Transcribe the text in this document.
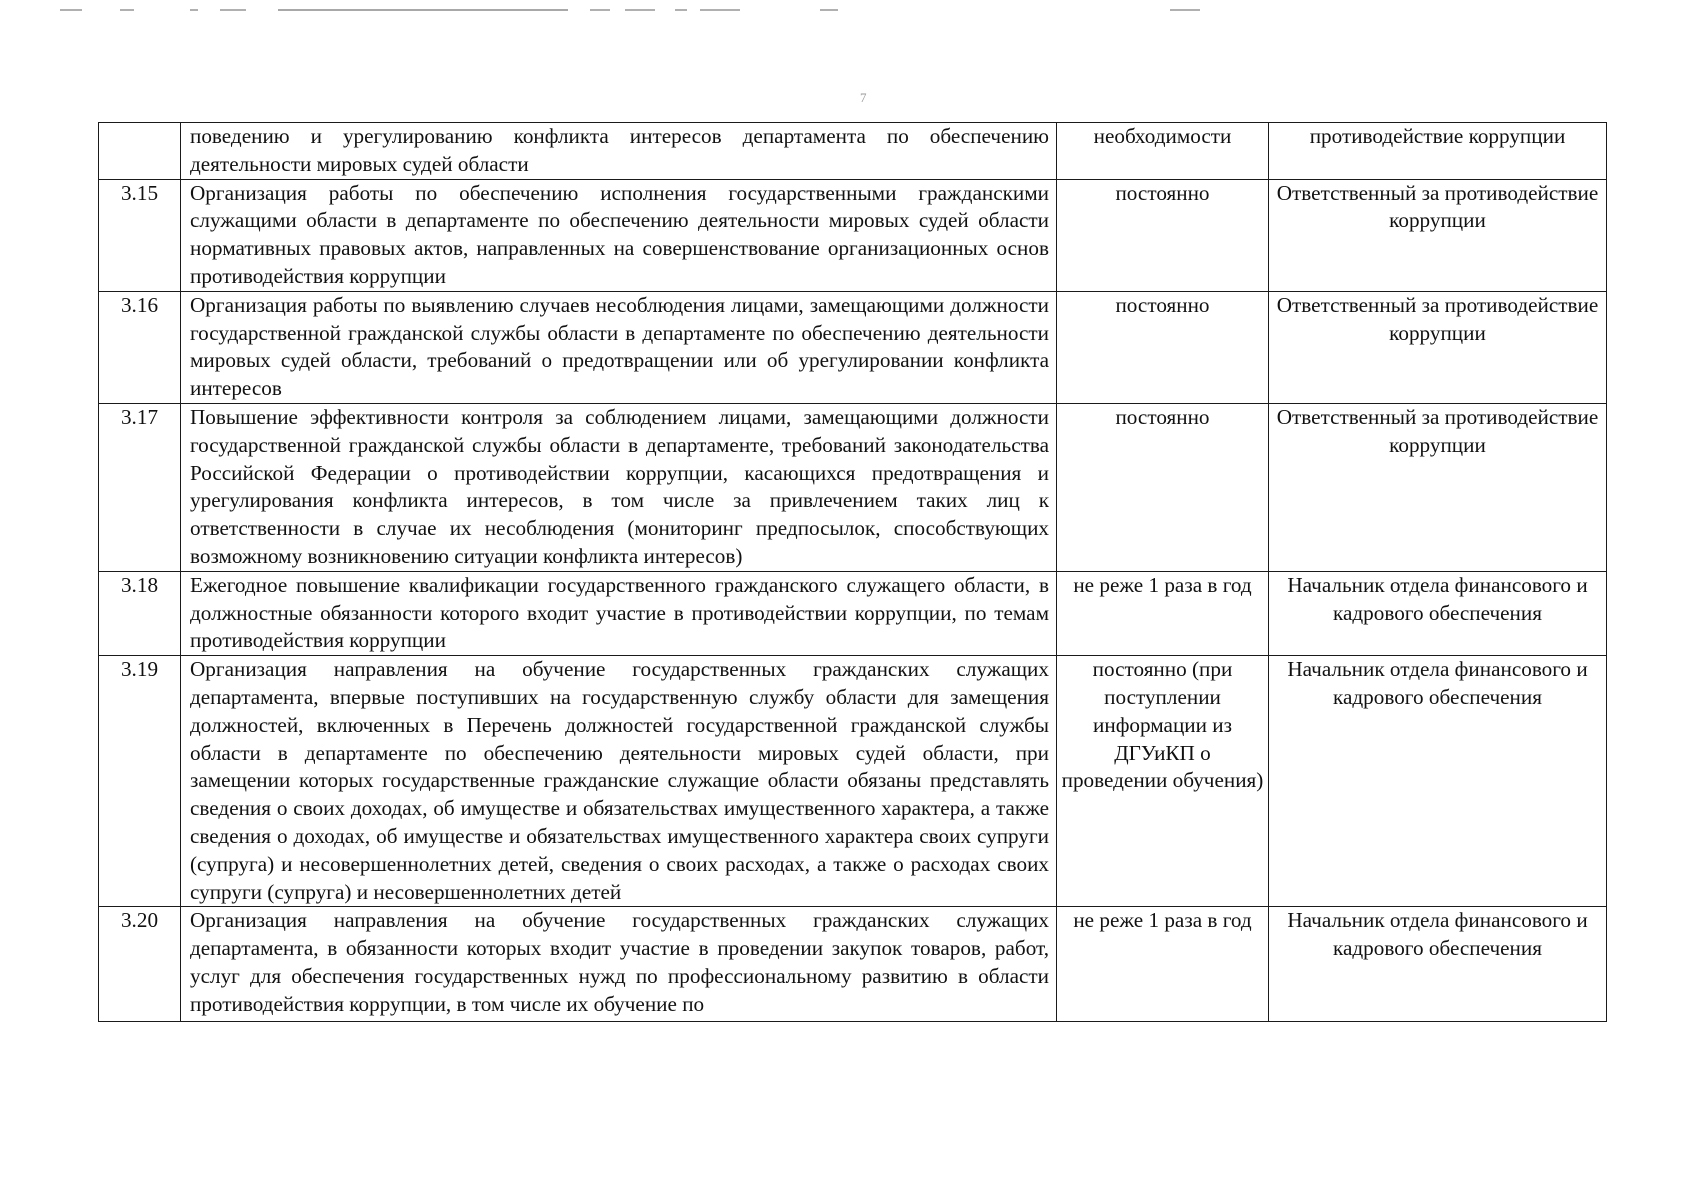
7
	поведению и урегулированию конфликта интересов департамента по обеспечению деятельности мировых судей области	необходимости	противодействие коррупции
3.15	Организация работы по обеспечению исполнения государственными гражданскими служащими области в департаменте по обеспечению деятельности мировых судей области нормативных правовых актов, направленных на совершенствование организационных основ противодействия коррупции	постоянно	Ответственный за противодействие коррупции
3.16	Организация работы по выявлению случаев несоблюдения лицами, замещающими должности государственной гражданской службы области в департаменте по обеспечению деятельности мировых судей области, требований о предотвращении или об урегулировании конфликта интересов	постоянно	Ответственный за противодействие коррупции
3.17	Повышение эффективности контроля за соблюдением лицами, замещающими должности государственной гражданской службы области в департаменте, требований законодательства Российской Федерации о противодействии коррупции, касающихся предотвращения и урегулирования конфликта интересов, в том числе за привлечением таких лиц к ответственности в случае их несоблюдения (мониторинг предпосылок, способствующих возможному возникновению ситуации конфликта интересов)	постоянно	Ответственный за противодействие коррупции
3.18	Ежегодное повышение квалификации государственного гражданского служащего области, в должностные обязанности которого входит участие в противодействии коррупции, по темам противодействия коррупции	не реже 1 раза в год	Начальник отдела финансового и кадрового обеспечения
3.19	Организация направления на обучение государственных гражданских служащих департамента, впервые поступивших на государственную службу области для замещения должностей, включенных в Перечень должностей государственной гражданской службы области в департаменте по обеспечению деятельности мировых судей области, при замещении которых государственные гражданские служащие области обязаны представлять сведения о своих доходах, об имуществе и обязательствах имущественного характера, а также сведения о доходах, об имуществе и обязательствах имущественного характера своих супруги (супруга) и несовершеннолетних детей, сведения о своих расходах, а также о расходах своих супруги (супруга) и несовершеннолетних детей	постоянно (при поступлении информации из ДГУиКП о проведении обучения)	Начальник отдела финансового и кадрового обеспечения
3.20	Организация направления на обучение государственных гражданских служащих департамента, в обязанности которых входит участие в проведении закупок товаров, работ, услуг для обеспечения государственных нужд по профессиональному развитию в области противодействия коррупции, в том числе их обучение по	не реже 1 раза в год	Начальник отдела финансового и кадрового обеспечения
